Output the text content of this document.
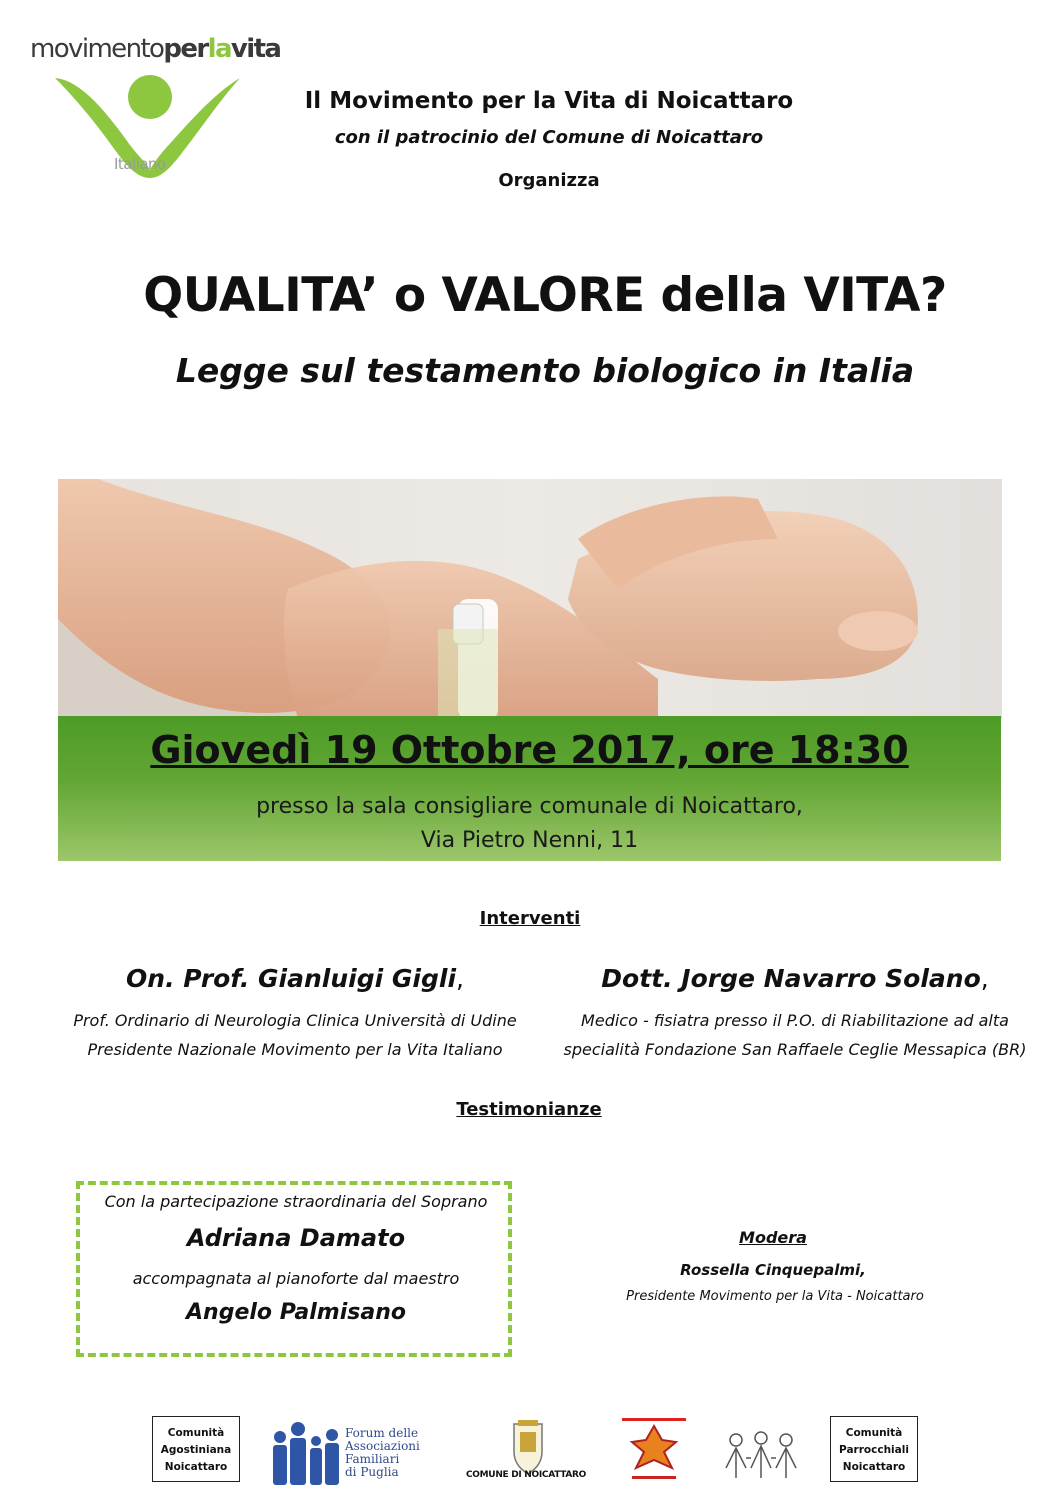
movimentoperlavita
Italiano
Il Movimento per la Vita di Noicattaro
con il patrocinio del Comune di Noicattaro
Organizza
QUALITA’ o VALORE della VITA?
Legge sul testamento biologico in Italia
Giovedì 19 Ottobre 2017, ore 18:30
presso la sala consigliare comunale di Noicattaro,
Via Pietro Nenni, 11
Interventi
On. Prof. Gianluigi Gigli,
Prof. Ordinario di Neurologia Clinica Università di Udine
Presidente Nazionale Movimento per la Vita Italiano
Dott. Jorge Navarro Solano,
Medico - fisiatra presso il P.O. di Riabilitazione ad alta
specialità Fondazione San Raffaele Ceglie Messapica (BR)
Testimonianze
Con la partecipazione straordinaria del Soprano
Adriana Damato
accompagnata al pianoforte dal maestro
Angelo Palmisano
Modera
Rossella Cinquepalmi,
Presidente Movimento per la Vita - Noicattaro
Comunità
Agostiniana
Noicattaro
Forum delle
Associazioni
Familiari
di Puglia	COMUNE DI NOICATTARO
Comunità
Parrocchiali
Noicattaro
